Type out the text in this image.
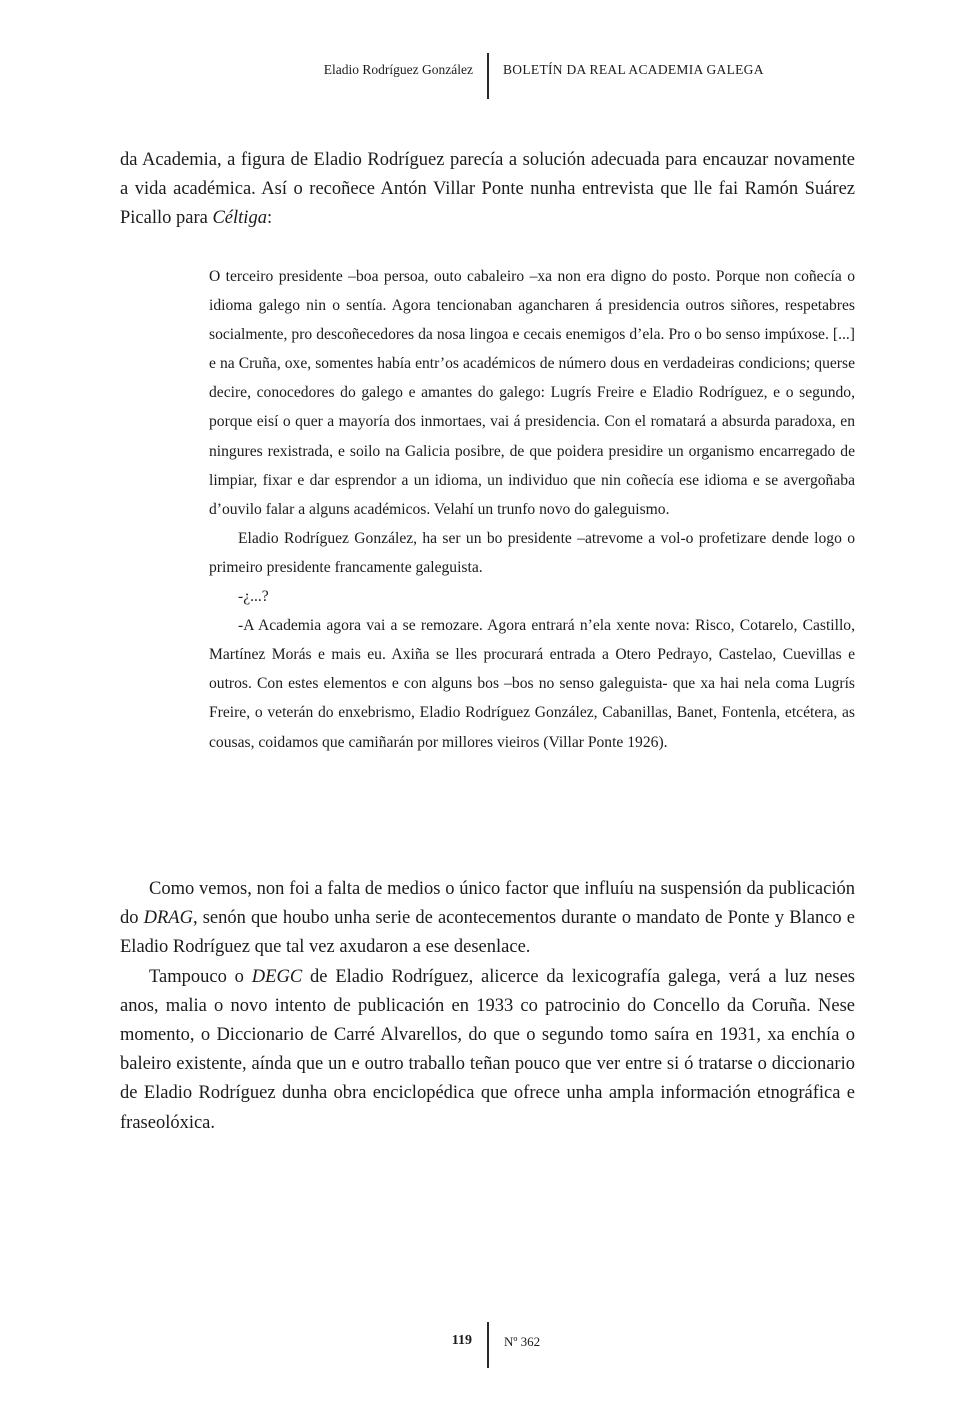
Eladio Rodríguez González BOLETÍN DA REAL ACADEMIA GALEGA

da Academia, a figura de Eladio Rodríguez parecía a solución adecuada para encauzar novamente a vida académica. Así o recoñece Antón Villar Ponte nunha entrevista que lle fai Ramón Suárez Picallo para Céltiga:

O terceiro presidente –boa persoa, outo cabaleiro –xa non era digno do posto. Porque non coñecía o idioma galego nin o sentía. Agora tencionaban agancharen á presidencia outros siñores, respetabres socialmente, pro descoñecedores da nosa lingoa e cecais enemigos d’ela. Pro o bo senso impúxose. [...] e na Cruña, oxe, somentes había entr’os académicos de número dous en verdadeiras condicions; querse decire, conocedores do galego e amantes do galego: Lugrís Freire e Eladio Rodríguez, e o segundo, porque eisí o quer a mayoría dos inmortaes, vai á presidencia. Con el romatará a absurda paradoxa, en ningures rexistrada, e soilo na Galicia posibre, de que poidera presidire un organismo encarregado de limpiar, fixar e dar esprendor a un idioma, un individuo que nin coñecía ese idioma e se avergoñaba d’ouvilo falar a alguns académicos. Velahí un trunfo novo do galeguismo.

Eladio Rodríguez González, ha ser un bo presidente –atrevome a vol-o profetizare dende logo o primeiro presidente francamente galeguista.

-¿...?

-A Academia agora vai a se remozare. Agora entrará n’ela xente nova: Risco, Cotarelo, Castillo, Martínez Morás e mais eu. Axiña se lles procurará entrada a Otero Pedrayo, Castelao, Cuevillas e outros. Con estes elementos e con alguns bos –bos no senso galeguista- que xa hai nela coma Lugrís Freire, o veterán do enxebrismo, Eladio Rodríguez González, Cabanillas, Banet, Fontenla, etcétera, as cousas, coidamos que camiñarán por millores vieiros (Villar Ponte 1926).

Como vemos, non foi a falta de medios o único factor que influíu na suspensión da publicación do DRAG, senón que houbo unha serie de acontecementos durante o mandato de Ponte y Blanco e Eladio Rodríguez que tal vez axudaron a ese desenlace.

Tampouco o DEGC de Eladio Rodríguez, alicerce da lexicografía galega, verá a luz neses anos, malia o novo intento de publicación en 1933 co patrocinio do Concello da Coruña. Nese momento, o Diccionario de Carré Alvarellos, do que o segundo tomo saíra en 1931, xa enchía o baleiro existente, aínda que un e outro traballo teñan pouco que ver entre si ó tratarse o diccionario de Eladio Rodríguez dunha obra enciclopédica que ofrece unha ampla información etnográfica e fraseolóxica.

119 Nº 362
